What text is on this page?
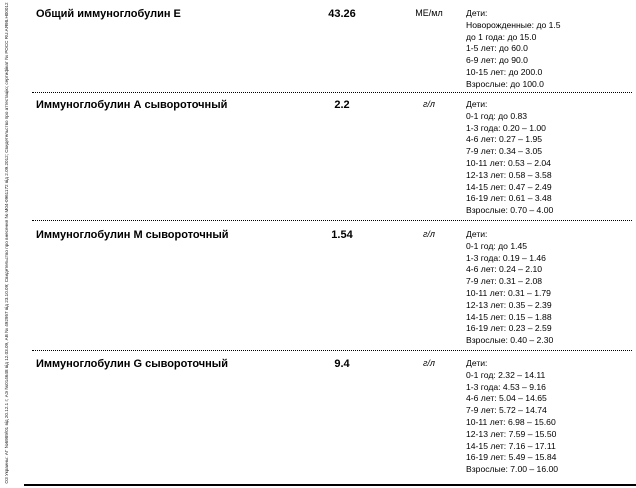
ОЗ Украины: АГ №6989/01 від 20.12.1 г; АЭ №014648 від 12.03.09, АВ № 492957 від 23.10.09; Свидетельство про внесення № М04-0961172 від 2.09.2012; Свидетельство про аттестацію; сертифікат № РОСС RU.АЯ98.Н00012 Общий иммуноглобулин Е	43.26	МЕ/мл	Дети:
Новорожденные: до 1.5
до 1 года: до 15.0
1-5 лет: до 60.0
6-9 лет: до 90.0
10-15 лет: до 200.0
Взрослые: до 100.0
Иммуноглобулин А сывороточный	2.2	г/л	Дети:
0-1 год: до 0.83
1-3 года: 0.20 – 1.00
4-6 лет: 0.27 – 1.95
7-9 лет: 0.34 – 3.05
10-11 лет: 0.53 – 2.04
12-13 лет: 0.58 – 3.58
14-15 лет: 0.47 – 2.49
16-19 лет: 0.61 – 3.48
Взрослые: 0.70 – 4.00
Иммуноглобулин М сывороточный	1.54	г/л	Дети:
0-1 год: до 1.45
1-3 года: 0.19 – 1.46
4-6 лет: 0.24 – 2.10
7-9 лет: 0.31 – 2.08
10-11 лет: 0.31 – 1.79
12-13 лет: 0.35 – 2.39
14-15 лет: 0.15 – 1.88
16-19 лет: 0.23 – 2.59
Взрослые: 0.40 – 2.30
Иммуноглобулин G сывороточный	9.4	г/л	Дети:
0-1 год: 2.32 – 14.11
1-3 года: 4.53 – 9.16
4-6 лет: 5.04 – 14.65
7-9 лет: 5.72 – 14.74
10-11 лет: 6.98 – 15.60
12-13 лет: 7.59 – 15.50
14-15 лет: 7.16 – 17.11
16-19 лет: 5.49 – 15.84
Взрослые: 7.00 – 16.00
